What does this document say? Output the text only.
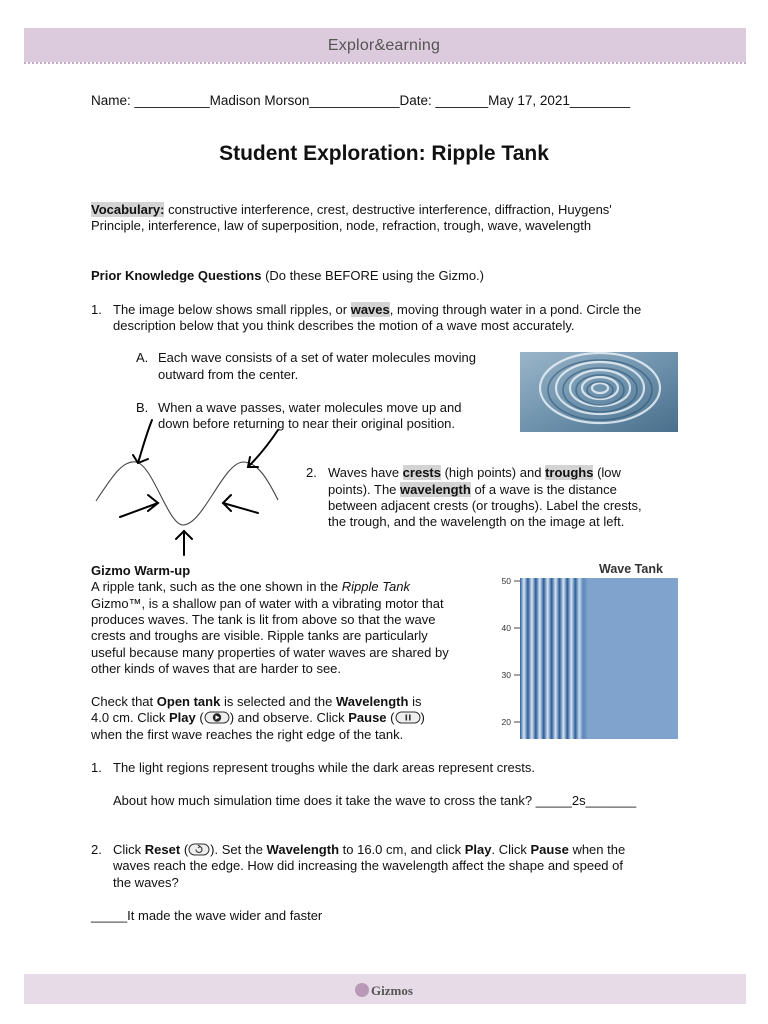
Explor&earning
Name: __________Madison Morson____________Date: _______May 17, 2021________
Student Exploration: Ripple Tank
Vocabulary: constructive interference, crest, destructive interference, diffraction, Huygens'
Principle, interference, law of superposition, node, refraction, trough, wave, wavelength
Prior Knowledge Questions (Do these BEFORE using the Gizmo.)
1. The image below shows small ripples, or waves, moving through water in a pond. Circle the
description below that you think describes the motion of a wave most accurately.
A. Each wave consists of a set of water molecules moving
outward from the center.
B. When a wave passes, water molecules move up and
down before returning to near their original position.
2. Waves have crests (high points) and troughs (low
points). The wavelength of a wave is the distance
between adjacent crests (or troughs). Label the crests,
the trough, and the wavelength on the image at left.
Gizmo Warm-up
A ripple tank, such as the one shown in the Ripple Tank
Gizmo™, is a shallow pan of water with a vibrating motor that
produces waves. The tank is lit from above so that the wave
crests and troughs are visible. Ripple tanks are particularly
useful because many properties of water waves are shared by
other kinds of waves that are harder to see.
Check that Open tank is selected and the Wavelength is
4.0 cm. Click Play ( ) and observe. Click Pause ( )
when the first wave reaches the right edge of the tank.
Wave Tank
50
40
30
20
1. The light regions represent troughs while the dark areas represent crests.
About how much simulation time does it take the wave to cross the tank? _____2s_______
2. Click Reset ( ). Set the Wavelength to 16.0 cm, and click Play. Click Pause when the
waves reach the edge. How did increasing the wavelength affect the shape and speed of
the waves?
_____It made the wave wider and faster
Gizmos
